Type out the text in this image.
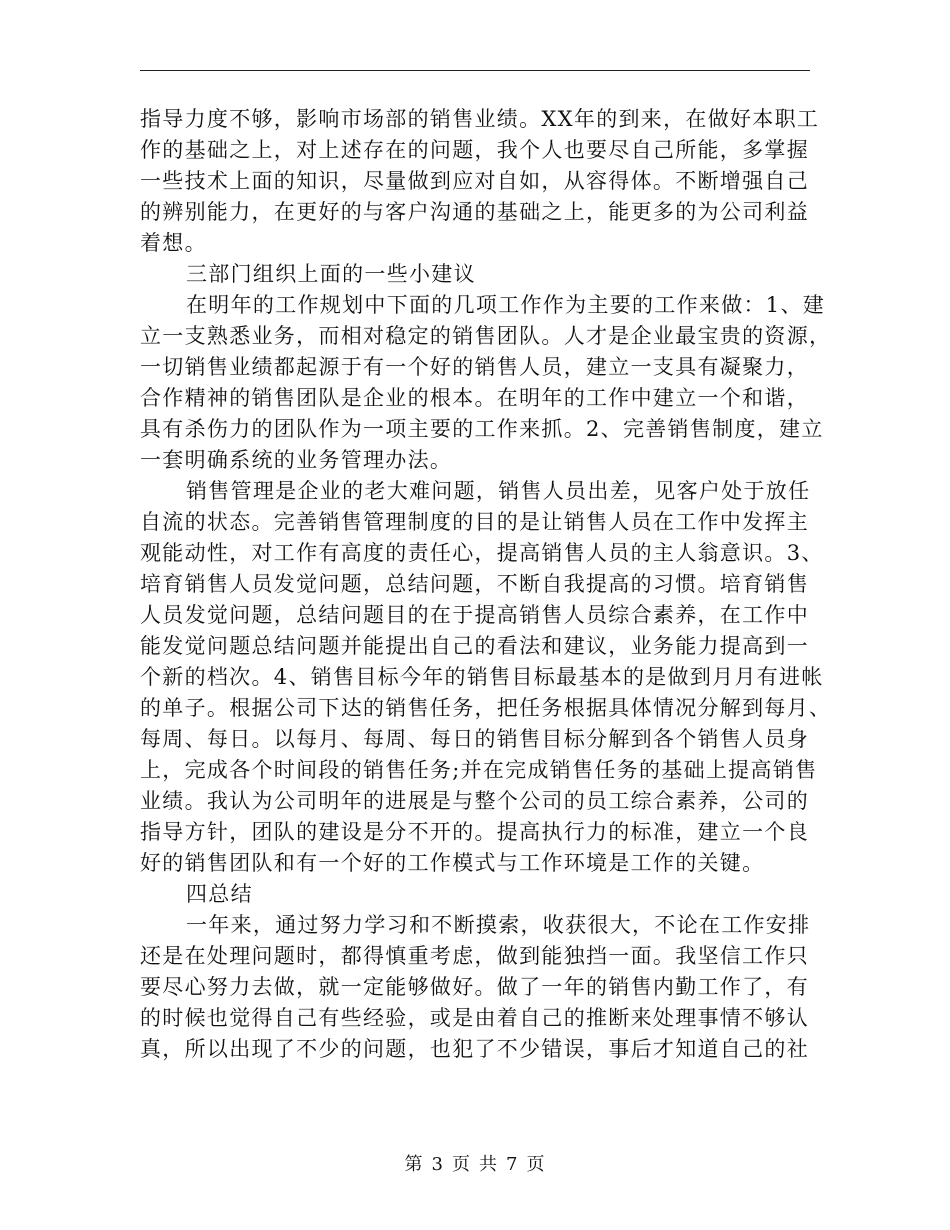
指导力度不够，影响市场部的销售业绩。XX年的到来，在做好本职工
作的基础之上，对上述存在的问题，我个人也要尽自己所能，多掌握
一些技术上面的知识，尽量做到应对自如，从容得体。不断增强自己
的辨别能力，在更好的与客户沟通的基础之上，能更多的为公司利益
着想。
三部门组织上面的一些小建议
在明年的工作规划中下面的几项工作作为主要的工作来做：1、建
立一支熟悉业务，而相对稳定的销售团队。人才是企业最宝贵的资源，
一切销售业绩都起源于有一个好的销售人员，建立一支具有凝聚力，
合作精神的销售团队是企业的根本。在明年的工作中建立一个和谐，
具有杀伤力的团队作为一项主要的工作来抓。2、完善销售制度，建立
一套明确系统的业务管理办法。
销售管理是企业的老大难问题，销售人员出差，见客户处于放任
自流的状态。完善销售管理制度的目的是让销售人员在工作中发挥主
观能动性，对工作有高度的责任心，提高销售人员的主人翁意识。3、
培育销售人员发觉问题，总结问题，不断自我提高的习惯。培育销售
人员发觉问题，总结问题目的在于提高销售人员综合素养，在工作中
能发觉问题总结问题并能提出自己的看法和建议，业务能力提高到一
个新的档次。4、销售目标今年的销售目标最基本的是做到月月有进帐
的单子。根据公司下达的销售任务，把任务根据具体情况分解到每月、
每周、每日。以每月、每周、每日的销售目标分解到各个销售人员身
上，完成各个时间段的销售任务;并在完成销售任务的基础上提高销售
业绩。我认为公司明年的进展是与整个公司的员工综合素养，公司的
指导方针，团队的建设是分不开的。提高执行力的标准，建立一个良
好的销售团队和有一个好的工作模式与工作环境是工作的关键。
四总结
一年来，通过努力学习和不断摸索，收获很大，不论在工作安排
还是在处理问题时，都得慎重考虑，做到能独挡一面。我坚信工作只
要尽心努力去做，就一定能够做好。做了一年的销售内勤工作了，有
的时候也觉得自己有些经验，或是由着自己的推断来处理事情不够认
真，所以出现了不少的问题，也犯了不少错误，事后才知道自己的社
第 3 页 共 7 页
